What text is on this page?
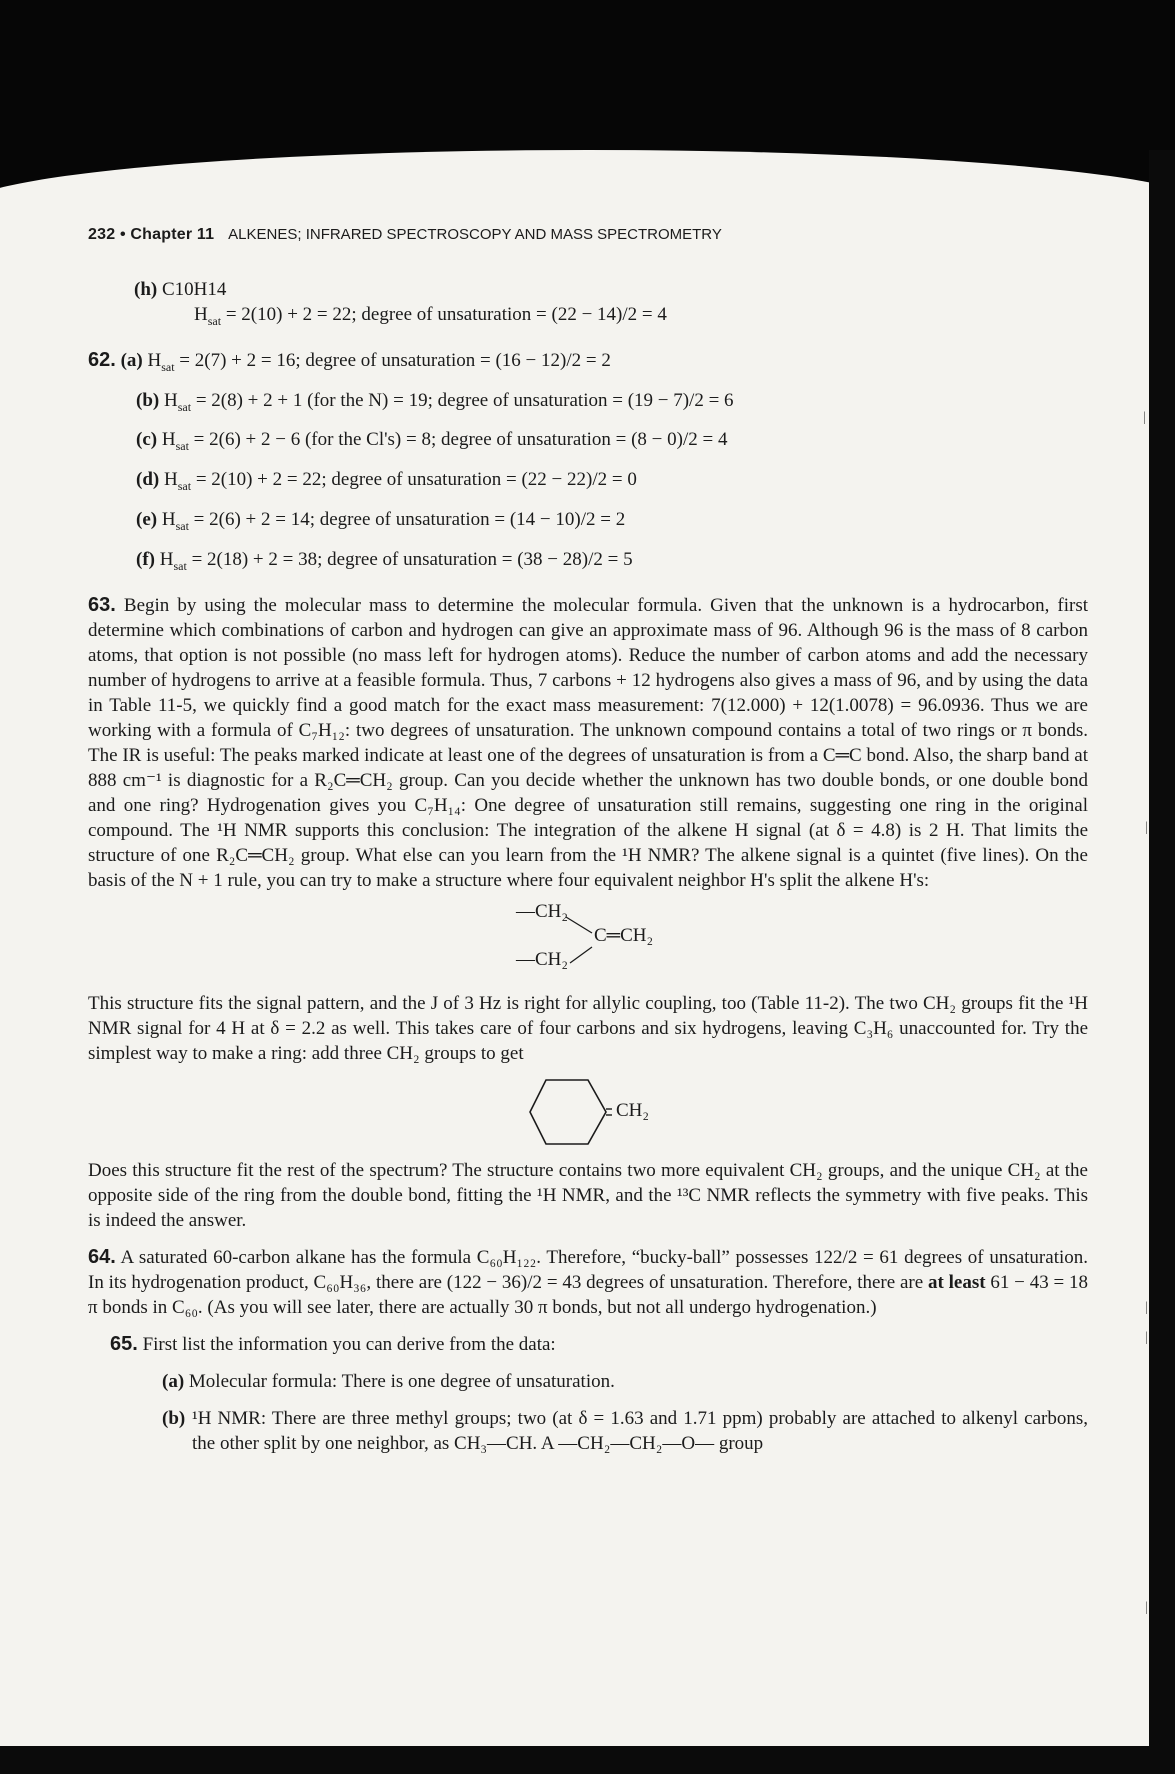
232 • Chapter 11 ALKENES; INFRARED SPECTROSCOPY AND MASS SPECTROMETRY
(h) C10H14
$H_{sat} = 2(10) + 2 = 22$; degree of unsaturation = (22 − 14)/2 = 4
62. (a) $H_{sat} = 2(7) + 2 = 16$; degree of unsaturation = (16 − 12)/2 = 2
(b) $H_{sat} = 2(8) + 2 + 1$ (for the N) = 19; degree of unsaturation = (19 − 7)/2 = 6
(c) $H_{sat} = 2(6) + 2 - 6$ (for the Cl's) = 8; degree of unsaturation = (8 − 0)/2 = 4
(d) $H_{sat} = 2(10) + 2 = 22$; degree of unsaturation = (22 − 22)/2 = 0
(e) $H_{sat} = 2(6) + 2 = 14$; degree of unsaturation = (14 − 10)/2 = 2
(f) $H_{sat} = 2(18) + 2 = 38$; degree of unsaturation = (38 − 28)/2 = 5

63. Begin by using the molecular mass to determine the molecular formula. Given that the unknown is a hydrocarbon, first determine which combinations of carbon and hydrogen can give an approximate mass of 96. Although 96 is the mass of 8 carbon atoms, that option is not possible (no mass left for hydrogen atoms). Reduce the number of carbon atoms and add the necessary number of hydrogens to arrive at a feasible formula. Thus, 7 carbons + 12 hydrogens also gives a mass of 96, and by using the data in Table 11-5, we quickly find a good match for the exact mass measurement: 7(12.000) + 12(1.0078) = 96.0936. Thus we are working with a formula of C₇H₁₂: two degrees of unsaturation. The unknown compound contains a total of two rings or π bonds. The IR is useful: The peaks marked indicate at least one of the degrees of unsaturation is from a C═C bond. Also, the sharp band at 888 cm⁻¹ is diagnostic for a R₂C═CH₂ group. Can you decide whether the unknown has two double bonds, or one double bond and one ring? Hydrogenation gives you C₇H₁₄: One degree of unsaturation still remains, suggesting one ring in the original compound. The ¹H NMR supports this conclusion: The integration of the alkene H signal (at δ = 4.8) is 2 H. That limits the structure of one R₂C═CH₂ group. What else can you learn from the ¹H NMR? The alkene signal is a quintet (five lines). On the basis of the N + 1 rule, you can try to make a structure where four equivalent neighbor H's split the alkene H's:

—CH₂
—CH₂
C═CH₂

This structure fits the signal pattern, and the J of 3 Hz is right for allylic coupling, too (Table 11-2). The two CH₂ groups fit the ¹H NMR signal for 4 H at δ = 2.2 as well. This takes care of four carbons and six hydrogens, leaving C₃H₆ unaccounted for. Try the simplest way to make a ring: add three CH₂ groups to get

CH₂

Does this structure fit the rest of the spectrum? The structure contains two more equivalent CH₂ groups, and the unique CH₂ at the opposite side of the ring from the double bond, fitting the ¹H NMR, and the ¹³C NMR reflects the symmetry with five peaks. This is indeed the answer.

64. A saturated 60-carbon alkane has the formula C₆₀H₁₂₂. Therefore, “bucky-ball” possesses 122/2 = 61 degrees of unsaturation. In its hydrogenation product, C₆₀H₃₆, there are (122 − 36)/2 = 43 degrees of unsaturation. Therefore, there are at least 61 − 43 = 18 π bonds in C₆₀. (As you will see later, there are actually 30 π bonds, but not all undergo hydrogenation.)

65. First list the information you can derive from the data:
(a) Molecular formula: There is one degree of unsaturation.
(b) ¹H NMR: There are three methyl groups; two (at δ = 1.63 and 1.71 ppm) probably are attached to alkenyl carbons, the other split by one neighbor, as CH₃—CH. A —CH₂—CH₂—O— group
|
|
|
|
|
